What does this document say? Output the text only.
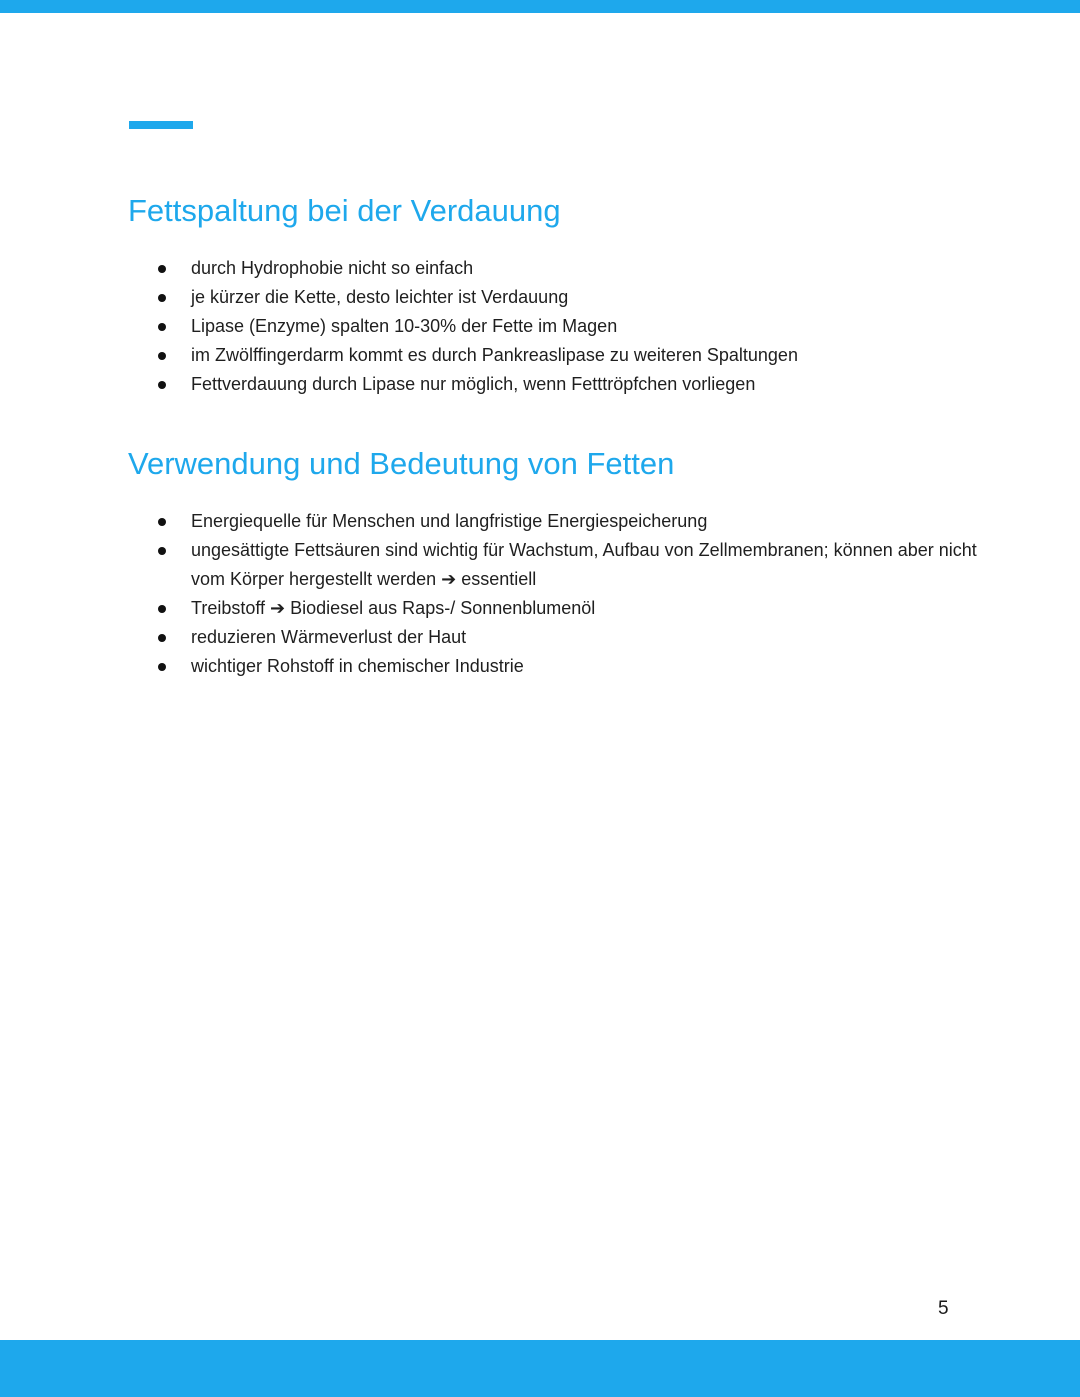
Fettspaltung bei der Verdauung
durch Hydrophobie nicht so einfach
je kürzer die Kette, desto leichter ist Verdauung
Lipase (Enzyme) spalten 10-30% der Fette im Magen
im Zwölffingerdarm kommt es durch Pankreaslipase zu weiteren Spaltungen
Fettverdauung durch Lipase nur möglich, wenn Fetttröpfchen vorliegen
Verwendung und Bedeutung von Fetten
Energiequelle für Menschen und langfristige Energiespeicherung
ungesättigte Fettsäuren sind wichtig für Wachstum, Aufbau von Zellmembranen; können aber nicht vom Körper hergestellt werden ➔ essentiell
Treibstoff ➔ Biodiesel aus Raps-/ Sonnenblumenöl
reduzieren Wärmeverlust der Haut
wichtiger Rohstoff in chemischer Industrie
5
